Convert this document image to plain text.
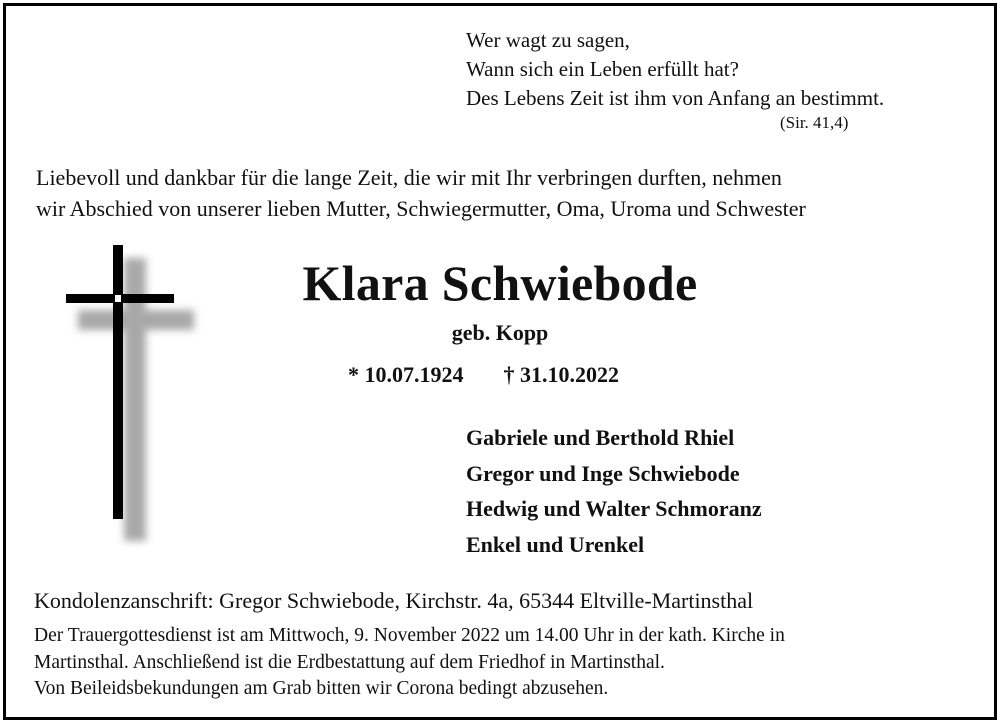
Wer wagt zu sagen,
Wann sich ein Leben erfüllt hat?
Des Lebens Zeit ist ihm von Anfang an bestimmt.
(Sir. 41,4)
Liebevoll und dankbar für die lange Zeit, die wir mit Ihr verbringen durften, nehmen
wir Abschied von unserer lieben Mutter, Schwiegermutter, Oma, Uroma und Schwester
Klara Schwiebode
geb. Kopp
* 10.07.1924 † 31.10.2022
Gabriele und Berthold Rhiel
Gregor und Inge Schwiebode
Hedwig und Walter Schmoranz
Enkel und Urenkel
Kondolenzanschrift: Gregor Schwiebode, Kirchstr. 4a, 65344 Eltville-Martinsthal
Der Trauergottesdienst ist am Mittwoch, 9. November 2022 um 14.00 Uhr in der kath. Kirche in
Martinsthal. Anschließend ist die Erdbestattung auf dem Friedhof in Martinsthal.
Von Beileidsbekundungen am Grab bitten wir Corona bedingt abzusehen.
